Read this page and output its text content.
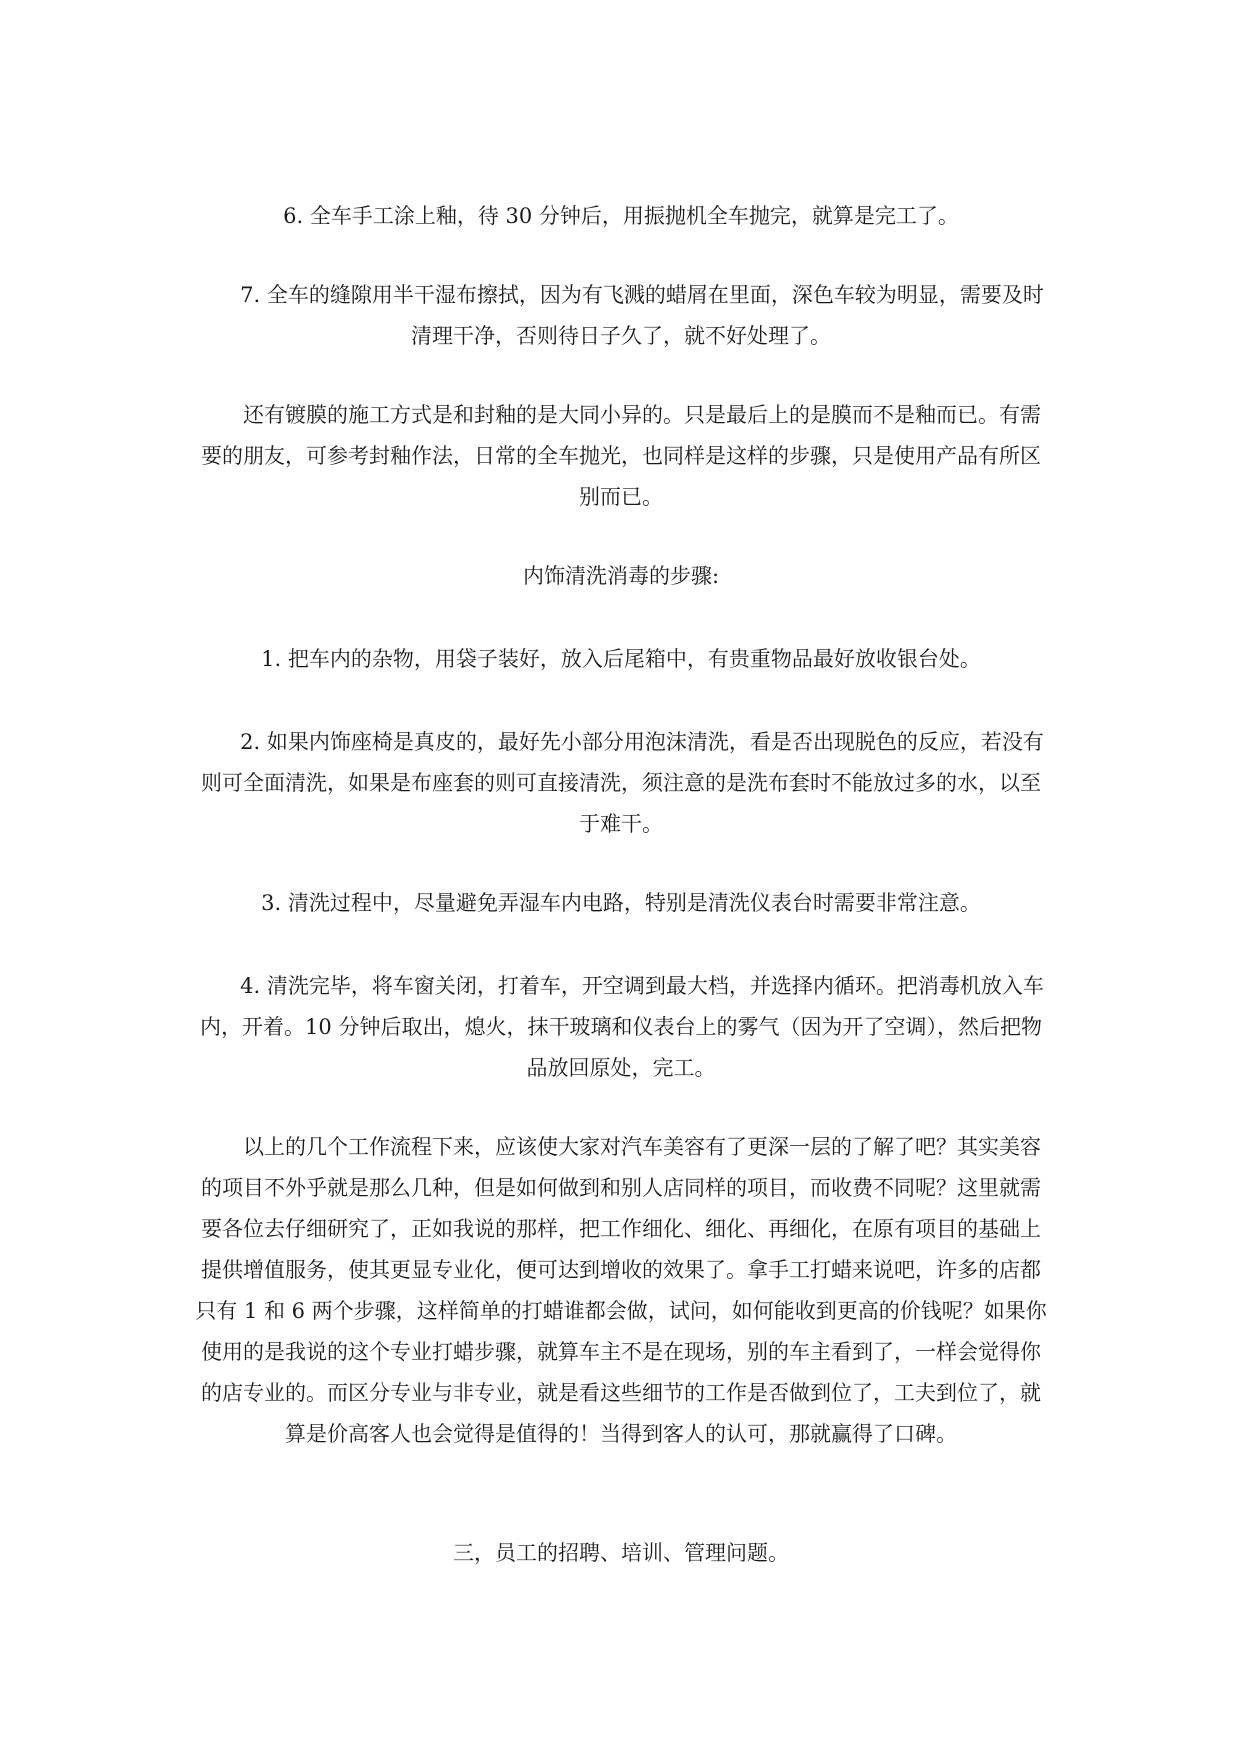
6. 全车手工涂上釉，待 30 分钟后，用振抛机全车抛完，就算是完工了。

7. 全车的缝隙用半干湿布擦拭，因为有飞溅的蜡屑在里面，深色车较为明显，需要及时清理干净，否则待日子久了，就不好处理了。

还有镀膜的施工方式是和封釉的是大同小异的。只是最后上的是膜而不是釉而已。有需要的朋友，可参考封釉作法，日常的全车抛光，也同样是这样的步骤，只是使用产品有所区别而已。

内饰清洗消毒的步骤:

1. 把车内的杂物，用袋子装好，放入后尾箱中，有贵重物品最好放收银台处。

2. 如果内饰座椅是真皮的，最好先小部分用泡沫清洗，看是否出现脱色的反应，若没有则可全面清洗，如果是布座套的则可直接清洗，须注意的是洗布套时不能放过多的水，以至于难干。

3. 清洗过程中，尽量避免弄湿车内电路，特别是清洗仪表台时需要非常注意。

4. 清洗完毕，将车窗关闭，打着车，开空调到最大档，并选择内循环。把消毒机放入车内，开着。10 分钟后取出，熄火，抹干玻璃和仪表台上的雾气（因为开了空调），然后把物品放回原处，完工。

以上的几个工作流程下来，应该使大家对汽车美容有了更深一层的了解了吧？其实美容的项目不外乎就是那么几种，但是如何做到和别人店同样的项目，而收费不同呢？这里就需要各位去仔细研究了，正如我说的那样，把工作细化、细化、再细化，在原有项目的基础上提供增值服务，使其更显专业化，便可达到增收的效果了。拿手工打蜡来说吧，许多的店都只有 1 和 6 两个步骤，这样简单的打蜡谁都会做，试问，如何能收到更高的价钱呢？如果你使用的是我说的这个专业打蜡步骤，就算车主不是在现场，别的车主看到了，一样会觉得你的店专业的。而区分专业与非专业，就是看这些细节的工作是否做到位了，工夫到位了，就算是价高客人也会觉得是值得的！当得到客人的认可，那就赢得了口碑。

三，员工的招聘、培训、管理问题。
